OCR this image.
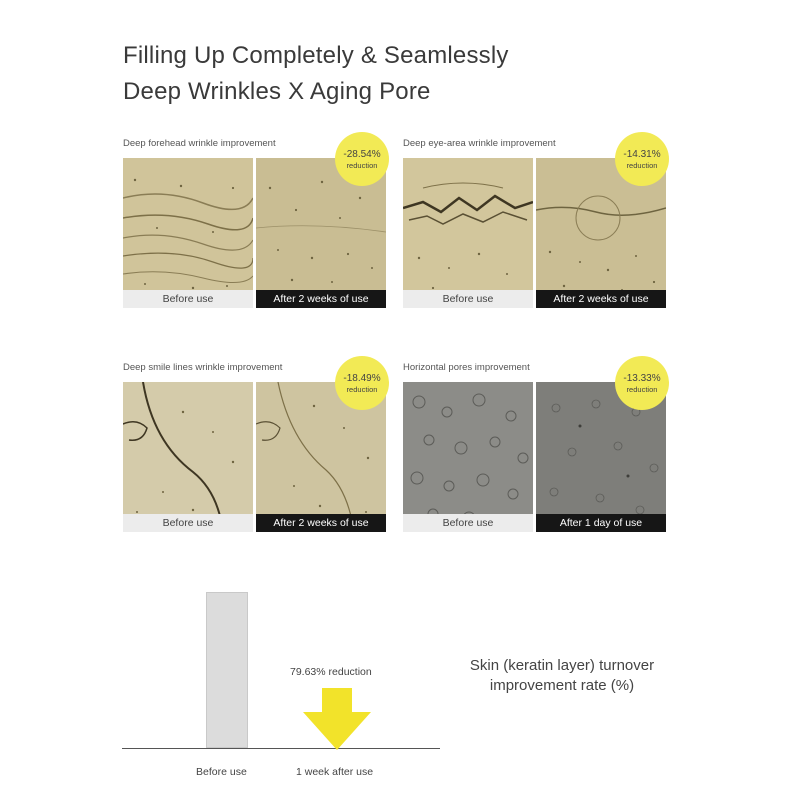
Filling Up Completely & Seamlessly
Deep Wrinkles X Aging Pore
Deep forehead wrinkle improvement
Before use	After 2 weeks of use
-28.54%
reduction
Deep eye-area wrinkle improvement
Before use	After 2 weeks of use
-14.31%
reduction
Deep smile lines wrinkle improvement
Before use	After 2 weeks of use
-18.49%
reduction
Horizontal pores improvement
Before use	After 1 day of use
-13.33%
reduction
79.63% reduction
Before use	1 week after use
Skin (keratin layer) turnover
improvement rate (%)
